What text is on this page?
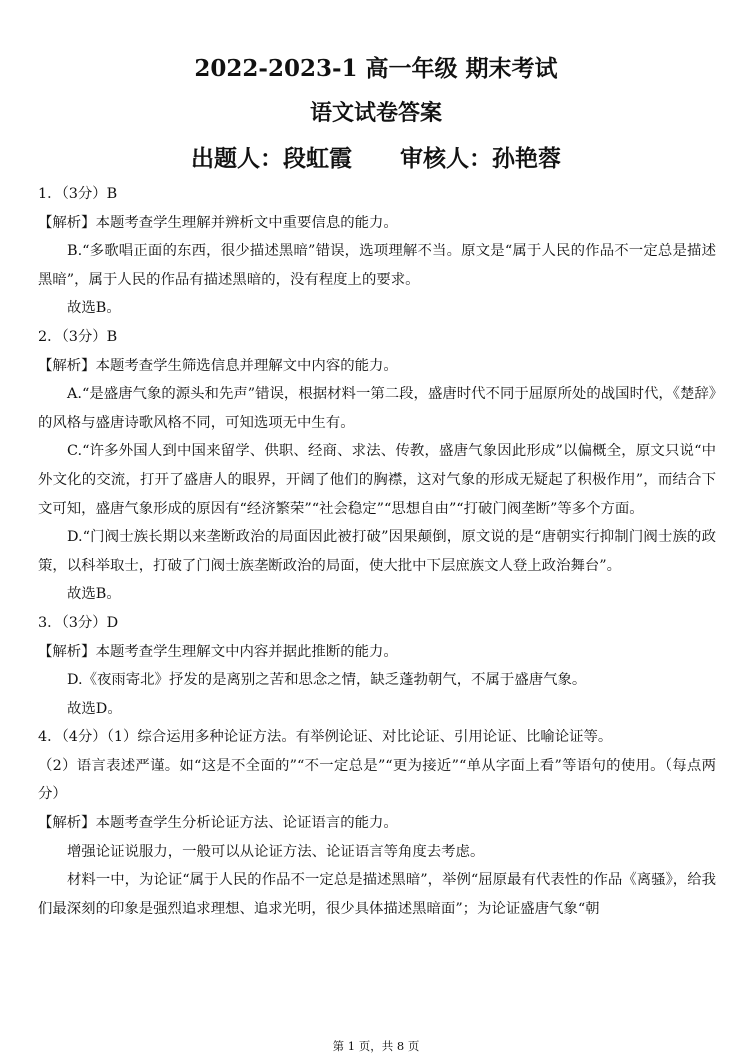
2022-2023-1 高一年级 期末考试
语文试卷答案
出题人：段虹霞      审核人：孙艳蓉

1．（3分）B

【解析】本题考查学生理解并辨析文中重要信息的能力。

B.“多歌唱正面的东西，很少描述黑暗”错误，选项理解不当。原文是“属于人民的作品不一定总是描述黑暗”，属于人民的作品有描述黑暗的，没有程度上的要求。

故选B。

2．（3分）B

【解析】本题考查学生筛选信息并理解文中内容的能力。

A.“是盛唐气象的源头和先声”错误，根据材料一第二段，盛唐时代不同于屈原所处的战国时代，《楚辞》的风格与盛唐诗歌风格不同，可知选项无中生有。

C.“许多外国人到中国来留学、供职、经商、求法、传教，盛唐气象因此形成”以偏概全，原文只说“中外文化的交流，打开了盛唐人的眼界，开阔了他们的胸襟，这对气象的形成无疑起了积极作用”，而结合下文可知，盛唐气象形成的原因有“经济繁荣”“社会稳定”“思想自由”“打破门阀垄断”等多个方面。

D.“门阀士族长期以来垄断政治的局面因此被打破”因果颠倒，原文说的是“唐朝实行抑制门阀士族的政策，以科举取士，打破了门阀士族垄断政治的局面，使大批中下层庶族文人登上政治舞台”。

故选B。

3．（3分）D

【解析】本题考查学生理解文中内容并据此推断的能力。

D.《夜雨寄北》抒发的是离别之苦和思念之情，缺乏蓬勃朝气，不属于盛唐气象。

故选D。

4．（4分）（1）综合运用多种论证方法。有举例论证、对比论证、引用论证、比喻论证等。

（2）语言表述严谨。如“这是不全面的”“不一定总是”“更为接近”“单从字面上看”等语句的使用。（每点两分）

【解析】本题考查学生分析论证方法、论证语言的能力。

增强论证说服力，一般可以从论证方法、论证语言等角度去考虑。

材料一中，为论证“属于人民的作品不一定总是描述黑暗”，举例“屈原最有代表性的作品《离骚》，给我们最深刻的印象是强烈追求理想、追求光明，很少具体描述黑暗面”；为论证盛唐气象“朝

第 1 页，共 8 页
